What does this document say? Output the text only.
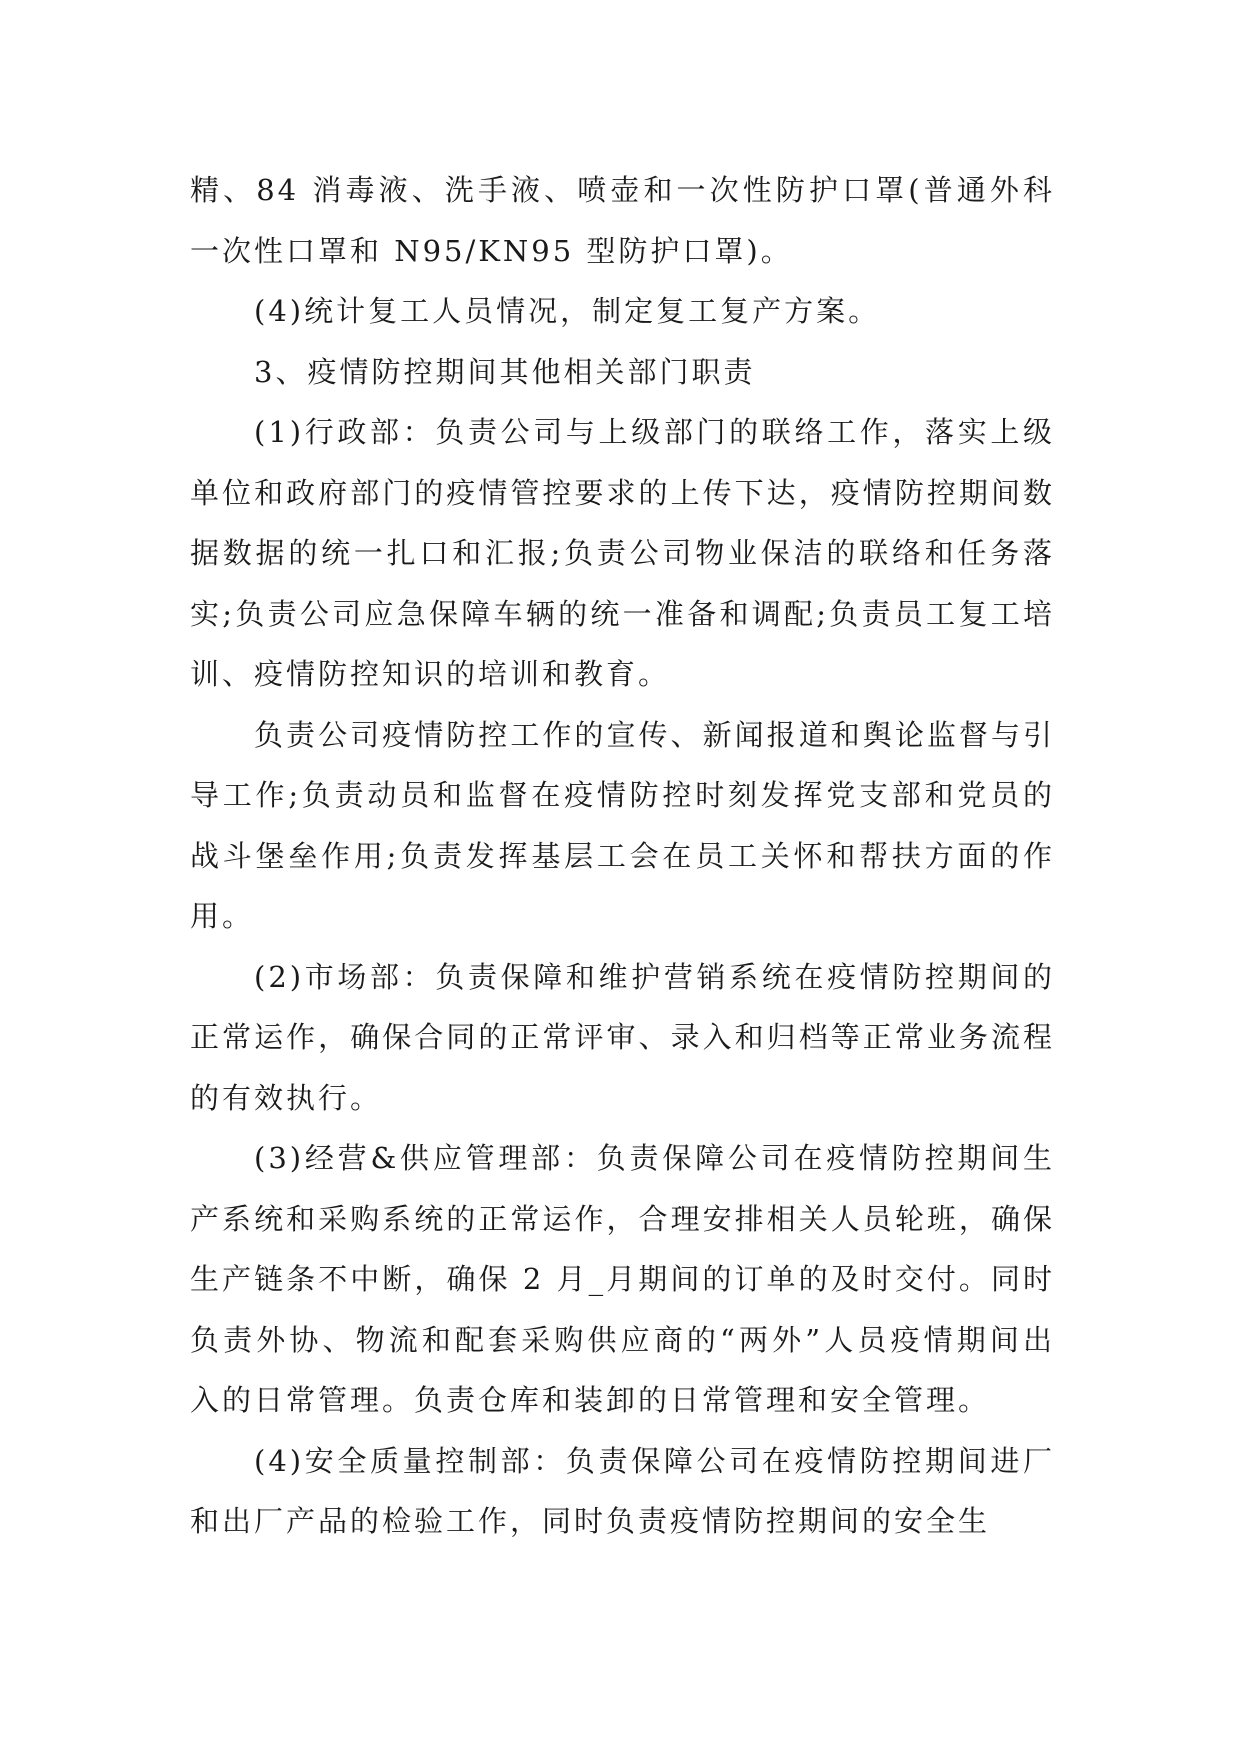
精、84 消毒液、洗手液、喷壶和一次性防护口罩(普通外科一次性口罩和 N95/KN95 型防护口罩)。

(4)统计复工人员情况，制定复工复产方案。

3、疫情防控期间其他相关部门职责

(1)行政部：负责公司与上级部门的联络工作，落实上级单位和政府部门的疫情管控要求的上传下达，疫情防控期间数据数据的统一扎口和汇报;负责公司物业保洁的联络和任务落实;负责公司应急保障车辆的统一准备和调配;负责员工复工培训、疫情防控知识的培训和教育。

负责公司疫情防控工作的宣传、新闻报道和舆论监督与引导工作;负责动员和监督在疫情防控时刻发挥党支部和党员的战斗堡垒作用;负责发挥基层工会在员工关怀和帮扶方面的作用。

(2)市场部：负责保障和维护营销系统在疫情防控期间的正常运作，确保合同的正常评审、录入和归档等正常业务流程的有效执行。

(3)经营&供应管理部：负责保障公司在疫情防控期间生产系统和采购系统的正常运作，合理安排相关人员轮班，确保生产链条不中断，确保 2 月_月期间的订单的及时交付。同时负责外协、物流和配套采购供应商的“两外”人员疫情期间出入的日常管理。负责仓库和装卸的日常管理和安全管理。

(4)安全质量控制部：负责保障公司在疫情防控期间进厂和出厂产品的检验工作，同时负责疫情防控期间的安全生
